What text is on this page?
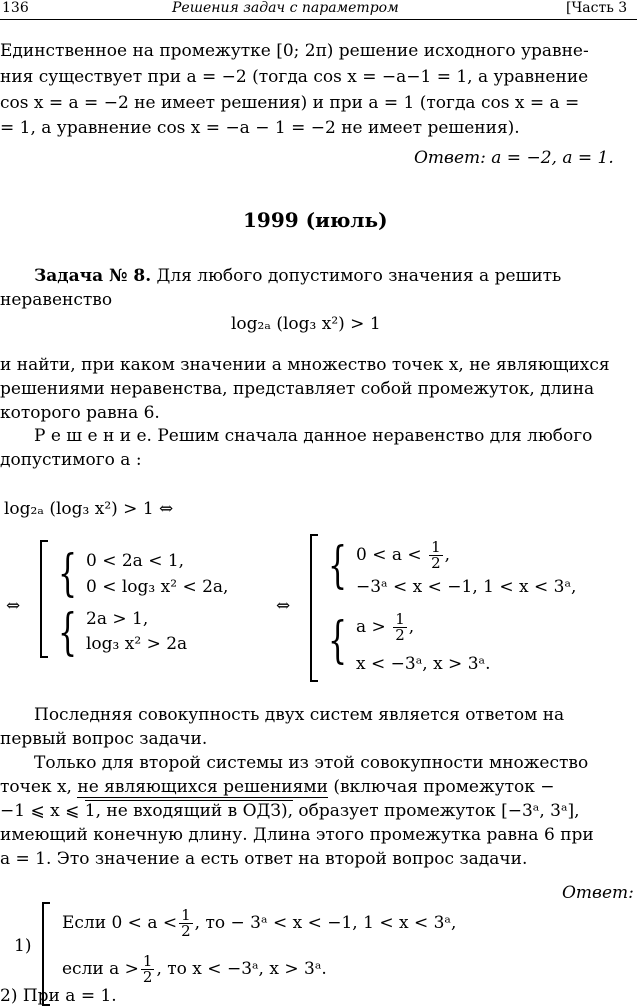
136	Решения задач с параметром	[Часть 3
Единственное на промежутке [0; 2π) решение исходного уравне-
ния существует при a = −2 (тогда cos x = −a−1 = 1, а уравнение
cos x = a = −2 не имеет решения) и при a = 1 (тогда cos x = a =
= 1, а уравнение cos x = −a − 1 = −2 не имеет решения).
Ответ: a = −2, a = 1.
1999 (июль)
Задача № 8. Для любого допустимого значения a решить
неравенство
log₂ₐ (log₃ x²) > 1
и найти, при каком значении a множество точек x, не являющихся
решениями неравенства, представляет собой промежуток, длина
которого равна 6.
Р е ш е н и е. Решим сначала данное неравенство для любого
допустимого a :
log₂ₐ (log₃ x²) > 1 ⇔
⇔
{ 0 < 2a < 1,
0 < log₃ x² < 2a,
{ 2a > 1,
log₃ x² > 2a
⇔
{ $0 < a < \frac{1}{2}$ ,
−3ᵃ < x < −1, 1 < x < 3ᵃ,
{ $a > \frac{1}{2}$ ,
x < −3ᵃ, x > 3ᵃ.
Последняя совокупность двух систем является ответом на
первый вопрос задачи.
Только для второй системы из этой совокупности множество
точек x, не являющихся решениями (включая промежуток −
−1 ⩽ x ⩽ 1, не входящий в ОДЗ), образует промежуток [−3ᵃ, 3ᵃ],
имеющий конечную длину. Длина этого промежутка равна 6 при
a = 1. Это значение a есть ответ на второй вопрос задачи.
Ответ:
1)
Если $0 < a < \frac{1}{2}$ , то − 3ᵃ < x < −1, 1 < x < 3ᵃ,
если $a > \frac{1}{2}$ , то x < −3ᵃ, x > 3ᵃ.
2) При a = 1.
